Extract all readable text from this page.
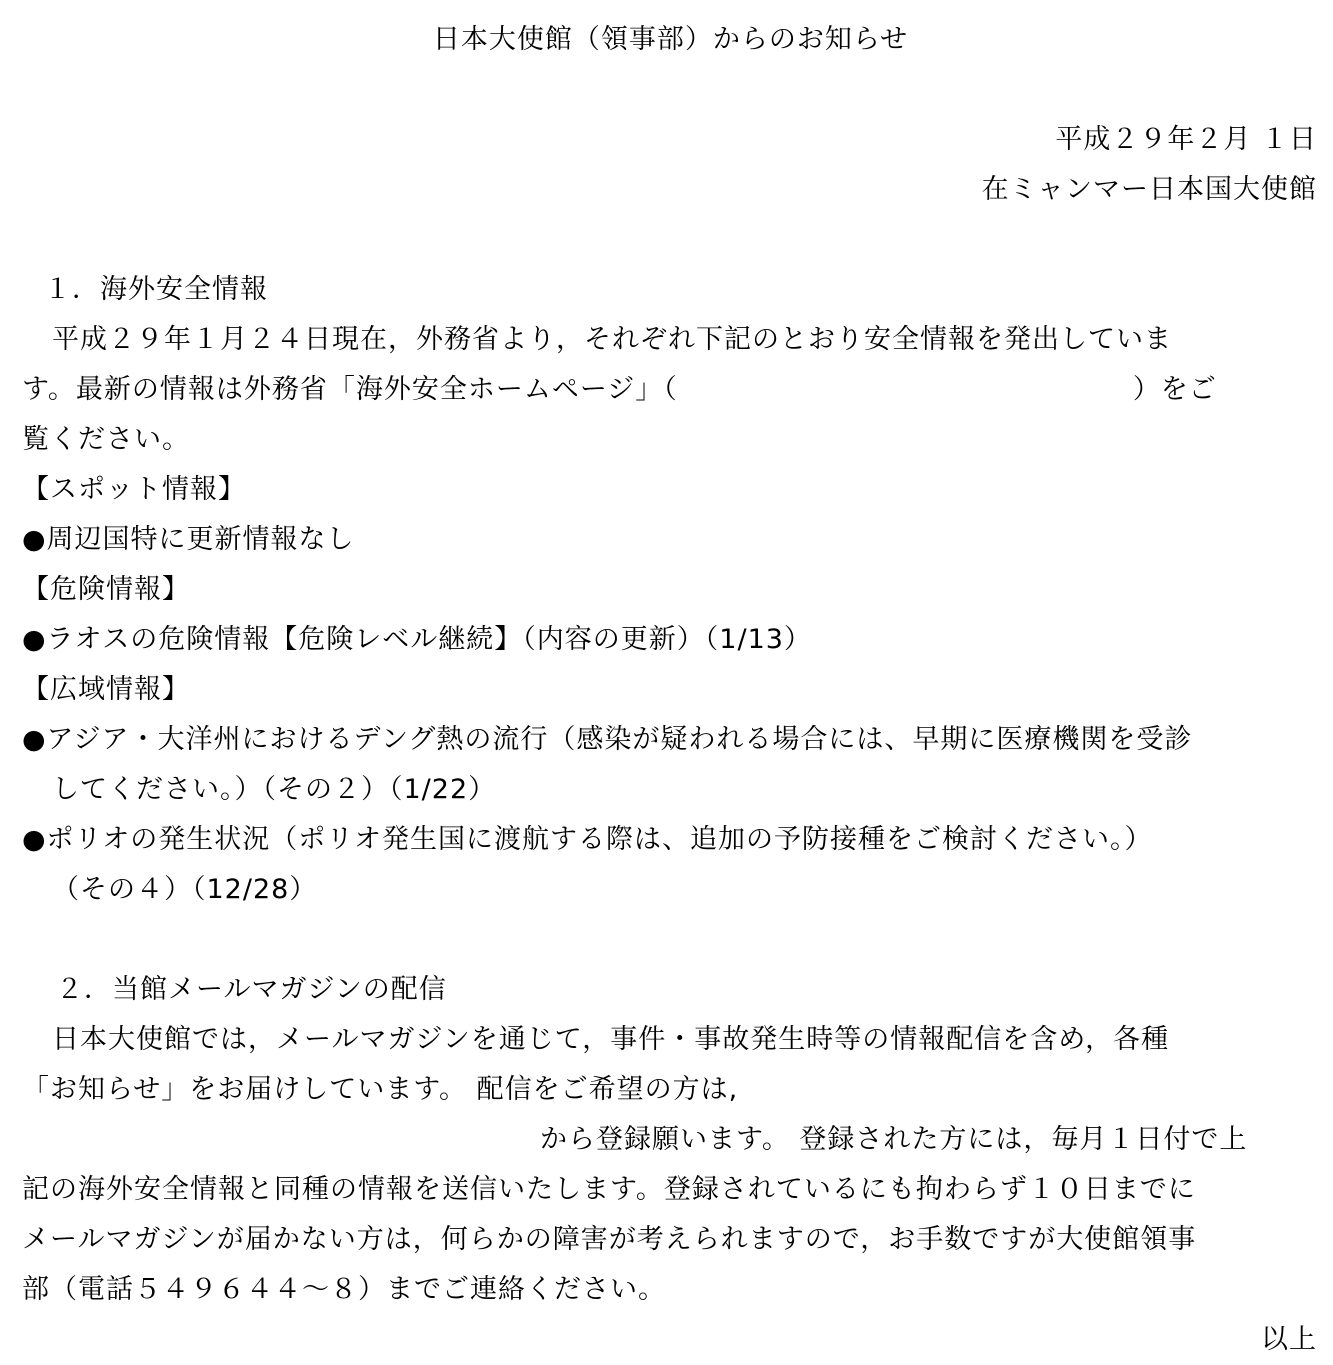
日本大使館（領事部）からのお知らせ
平成２９年２月 １日
在ミャンマー日本国大使館
１．海外安全情報
平成２９年１月２４日現在，外務省より，それぞれ下記のとおり安全情報を発出していま
す。最新の情報は外務省「海外安全ホームページ」（	）をご
覧ください。
【スポット情報】
●周辺国特に更新情報なし
【危険情報】
●ラオスの危険情報【危険レベル継続】（内容の更新）（1/13）
【広域情報】
●アジア・大洋州におけるデング熱の流行（感染が疑われる場合には、早期に医療機関を受診
してください。）（その２）（1/22）
●ポリオの発生状況（ポリオ発生国に渡航する際は、追加の予防接種をご検討ください。）
（その４）（12/28）
２．当館メールマガジンの配信
日本大使館では，メールマガジンを通じて，事件・事故発生時等の情報配信を含め，各種
「お知らせ」をお届けしています。 配信をご希望の方は,
から登録願います。 登録された方には，毎月１日付で上
記の海外安全情報と同種の情報を送信いたします。登録されているにも拘わらず１０日までに
メールマガジンが届かない方は，何らかの障害が考えられますので，お手数ですが大使館領事
部（電話５４９６４４～８）までご連絡ください。
以上
